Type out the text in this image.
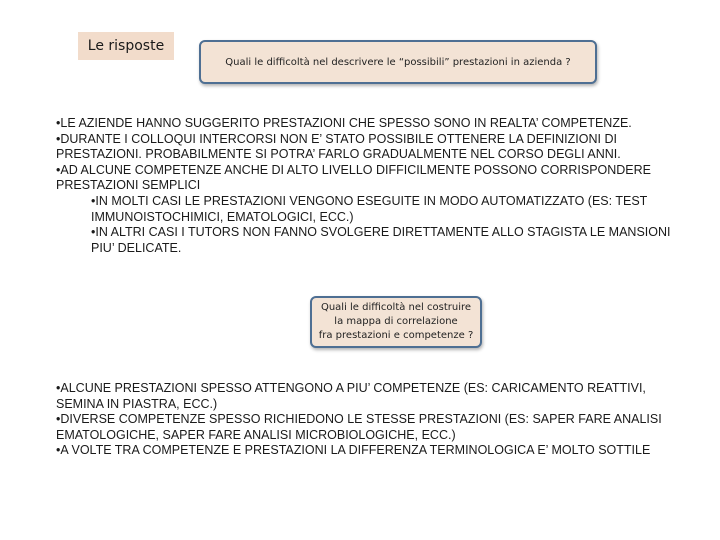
Le risposte
Quali le difficoltà nel descrivere le “possibili” prestazioni in azienda ?

•LE AZIENDE HANNO SUGGERITO PRESTAZIONI CHE SPESSO SONO IN REALTA’ COMPETENZE.

•DURANTE I COLLOQUI INTERCORSI NON E’ STATO POSSIBILE OTTENERE LA DEFINIZIONI DI PRESTAZIONI. PROBABILMENTE SI POTRA’ FARLO GRADUALMENTE NEL CORSO DEGLI ANNI.

•AD ALCUNE COMPETENZE ANCHE DI ALTO LIVELLO DIFFICILMENTE POSSONO CORRISPONDERE PRESTAZIONI SEMPLICI

•IN MOLTI CASI LE PRESTAZIONI VENGONO ESEGUITE IN MODO AUTOMATIZZATO (ES: TEST IMMUNOISTOCHIMICI, EMATOLOGICI, ECC.)

•IN ALTRI CASI I TUTORS NON FANNO SVOLGERE DIRETTAMENTE ALLO STAGISTA LE MANSIONI PIU’ DELICATE.

Quali le difficoltà nel costruire
la mappa di correlazione
fra prestazioni e competenze ?

•ALCUNE PRESTAZIONI SPESSO ATTENGONO A PIU’ COMPETENZE (ES: CARICAMENTO REATTIVI, SEMINA IN PIASTRA, ECC.)

•DIVERSE COMPETENZE SPESSO RICHIEDONO LE STESSE PRESTAZIONI (ES: SAPER FARE ANALISI EMATOLOGICHE, SAPER FARE ANALISI MICROBIOLOGICHE, ECC.)

•A VOLTE TRA COMPETENZE E PRESTAZIONI LA DIFFERENZA TERMINOLOGICA E’ MOLTO SOTTILE
